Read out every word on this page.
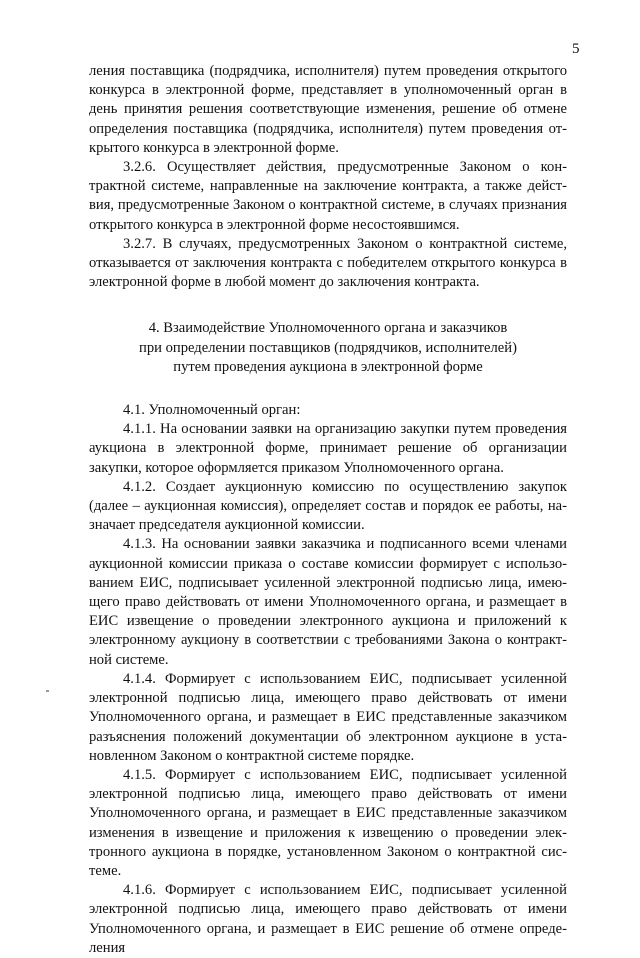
5

ления поставщика (подрядчика, исполнителя) путем проведения открытого конкурса в электронной форме, представляет в уполномоченный орган в день принятия решения соответствующие изменения, решение об отмене определения поставщика (подрядчика, исполнителя) путем проведения открытого конкурса в электронной форме.

3.2.6. Осуществляет действия, предусмотренные Законом о контрактной системе, направленные на заключение контракта, а также действия, предусмотренные Законом о контрактной системе, в случаях признания открытого конкурса в электронной форме несостоявшимся.

3.2.7. В случаях, предусмотренных Законом о контрактной системе, отказывается от заключения контракта с победителем открытого конкурса в электронной форме в любой момент до заключения контракта.

4. Взаимодействие Уполномоченного органа и заказчиков
при определении поставщиков (подрядчиков, исполнителей)
путем проведения аукциона в электронной форме

4.1. Уполномоченный орган:

4.1.1. На основании заявки на организацию закупки путем проведения аукциона в электронной форме, принимает решение об организации закупки, которое оформляется приказом Уполномоченного органа.

4.1.2. Создает аукционную комиссию по осуществлению закупок (далее – аукционная комиссия), определяет состав и порядок ее работы, назначает председателя аукционной комиссии.

4.1.3. На основании заявки заказчика и подписанного всеми членами аукционной комиссии приказа о составе комиссии формирует с использованием ЕИС, подписывает усиленной электронной подписью лица, имеющего право действовать от имени Уполномоченного органа, и размещает в ЕИС извещение о проведении электронного аукциона и приложений к электронному аукциону в соответствии с требованиями Закона о контрактной системе.

4.1.4. Формирует с использованием ЕИС, подписывает усиленной электронной подписью лица, имеющего право действовать от имени Уполномоченного органа, и размещает в ЕИС представленные заказчиком разъяснения положений документации об электронном аукционе в установленном Законом о контрактной системе порядке.

4.1.5. Формирует с использованием ЕИС, подписывает усиленной электронной подписью лица, имеющего право действовать от имени Уполномоченного органа, и размещает в ЕИС представленные заказчиком изменения в извещение и приложения к извещению о проведении электронного аукциона в порядке, установленном Законом о контрактной системе.

4.1.6. Формирует с использованием ЕИС, подписывает усиленной электронной подписью лица, имеющего право действовать от имени Уполномоченного органа, и размещает в ЕИС решение об отмене определения
